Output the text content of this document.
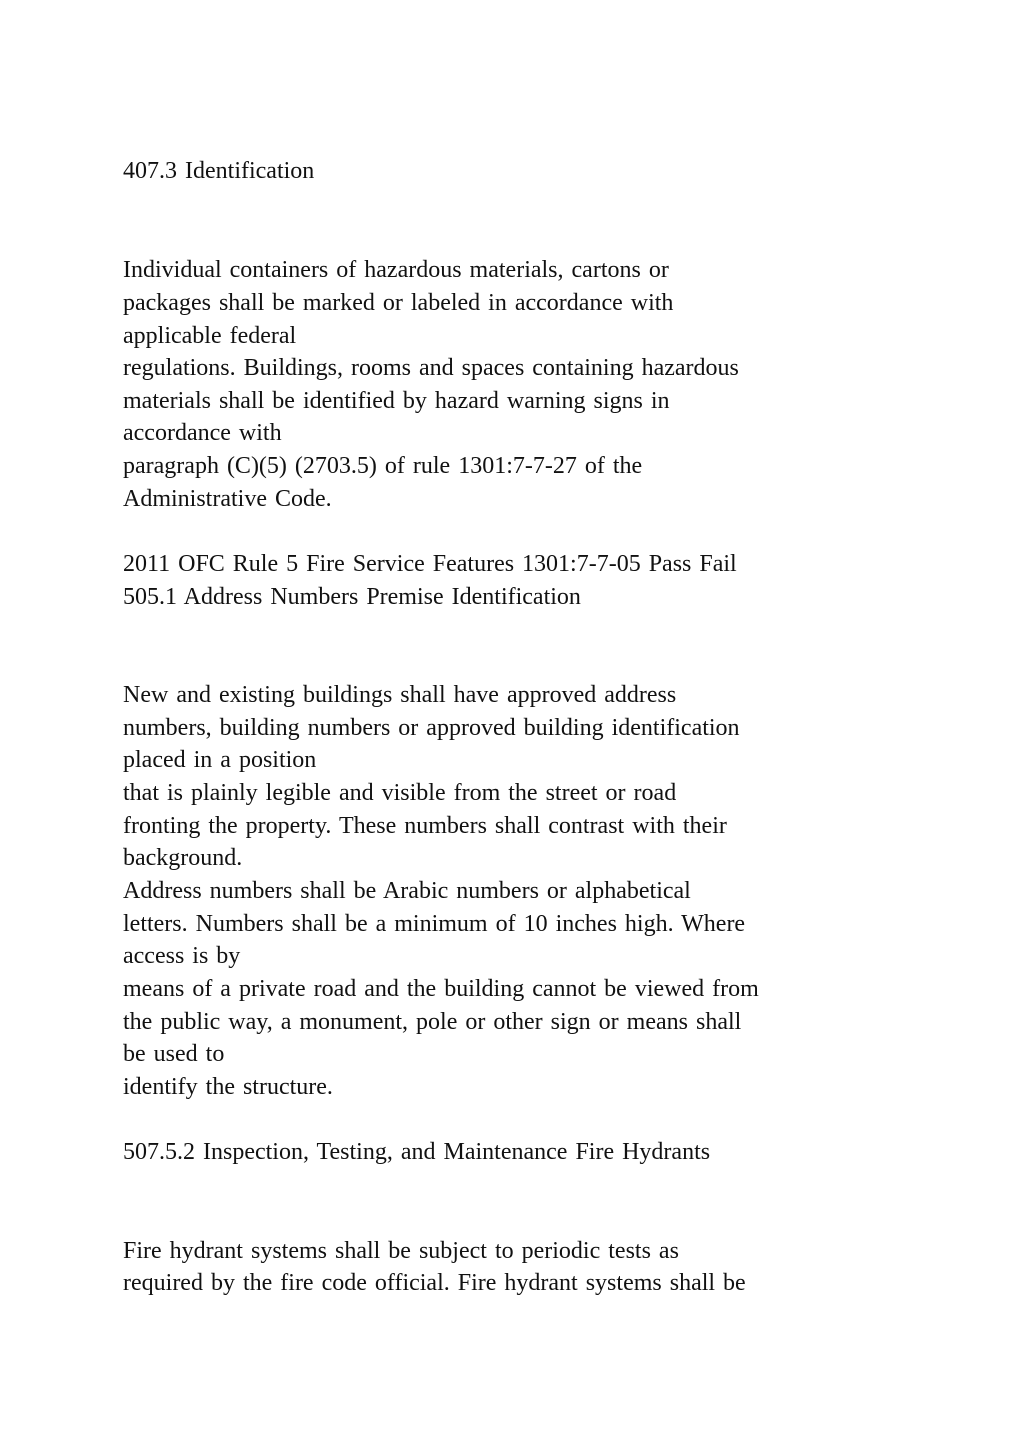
407.3 Identification
Individual containers of hazardous materials, cartons or
packages shall be marked or labeled in accordance with
applicable federal
regulations. Buildings, rooms and spaces containing hazardous
materials shall be identified by hazard warning signs in
accordance with
paragraph (C)(5) (2703.5) of rule 1301:7-7-27 of the
Administrative Code.
2011 OFC Rule 5 Fire Service Features 1301:7-7-05 Pass Fail
505.1 Address Numbers Premise Identification
New and existing buildings shall have approved address
numbers, building numbers or approved building identification
placed in a position
that is plainly legible and visible from the street or road
fronting the property. These numbers shall contrast with their
background.
Address numbers shall be Arabic numbers or alphabetical
letters. Numbers shall be a minimum of 10 inches high. Where
access is by
means of a private road and the building cannot be viewed from
the public way, a monument, pole or other sign or means shall
be used to
identify the structure.
507.5.2 Inspection, Testing, and Maintenance Fire Hydrants
Fire hydrant systems shall be subject to periodic tests as
required by the fire code official. Fire hydrant systems shall be
